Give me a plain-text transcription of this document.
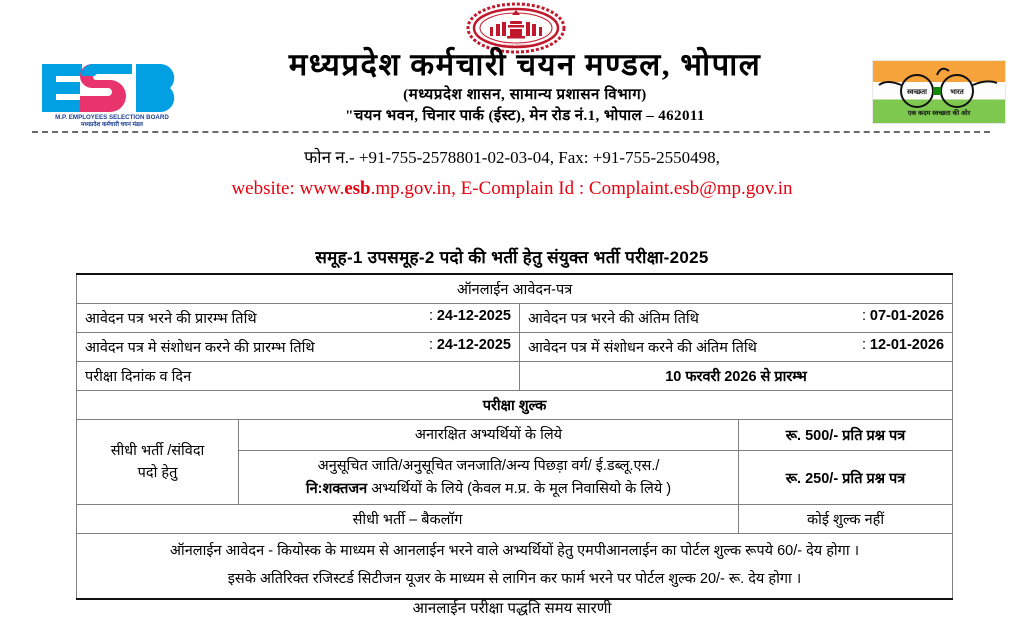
MADHYA PRADESH
M.P. EMPLOYEES SELECTION BOARD
मध्यप्रदेश कर्मचारी चयन मंडल
मध्यप्रदेश कर्मचारी चयन मण्डल, भोपाल
(मध्यप्रदेश शासन, सामान्य प्रशासन विभाग)
"चयन भवन, चिनार पार्क (ईस्ट), मेन रोड नं.1, भोपाल – 462011
स्वच्छता	भारत
एक कदम स्वच्छता की ओर
फोन न.- +91-755-2578801-02-03-04, Fax: +91-755-2550498,
website: www.esb.mp.gov.in, E-Complain Id : Complaint.esb@mp.gov.in
समूह-1 उपसमूह-2 पदो की भर्ती हेतु संयुक्त भर्ती परीक्षा-2025
ऑनलाईन आवेदन-पत्र			
आवेदन पत्र भरने की प्रारम्भ तिथि : 24-12-2025		आवेदन पत्र भरने की अंतिम तिथि : 07-01-2026	

आवेदन पत्र मे संशोधन करने की प्रारम्भ तिथि : 24-12-2025		आवेदन पत्र में संशोधन करने की अंतिम तिथि : 12-01-2026	

परीक्षा दिनांक व दिन		10 फरवरी 2026 से प्रारम्भ	
परीक्षा शुल्क			

सीधी भर्ती /संविदा
पदो हेतु	अनारक्षित अभ्यर्थियों के लिये		रू. 500/- प्रति प्रश्न पत्र

	अनुसूचित जाति/अनुसूचित जनजाति/अन्य पिछड़ा वर्ग/ ई.डब्लू.एस./
नि:शक्तजन अभ्यर्थियों के लिये (केवल म.प्र. के मूल निवासियो के लिये )		रू. 250/- प्रति प्रश्न पत्र
सीधी भर्ती – बैकलॉग			कोई शुल्क नहीं

ऑनलाईन आवेदन - कियोस्क के माध्यम से आनलाईन भरने वाले अभ्यर्थियों हेतु एमपीआनलाईन का पोर्टल शुल्क रूपये 60/- देय होगा ।
इसके अतिरिक्त रजिस्टर्ड सिटीजन यूजर के माध्यम से लागिन कर फार्म भरने पर पोर्टल शुल्क 20/- रू. देय होगा ।			
आनलाईन परीक्षा पद्धति समय सारणी
